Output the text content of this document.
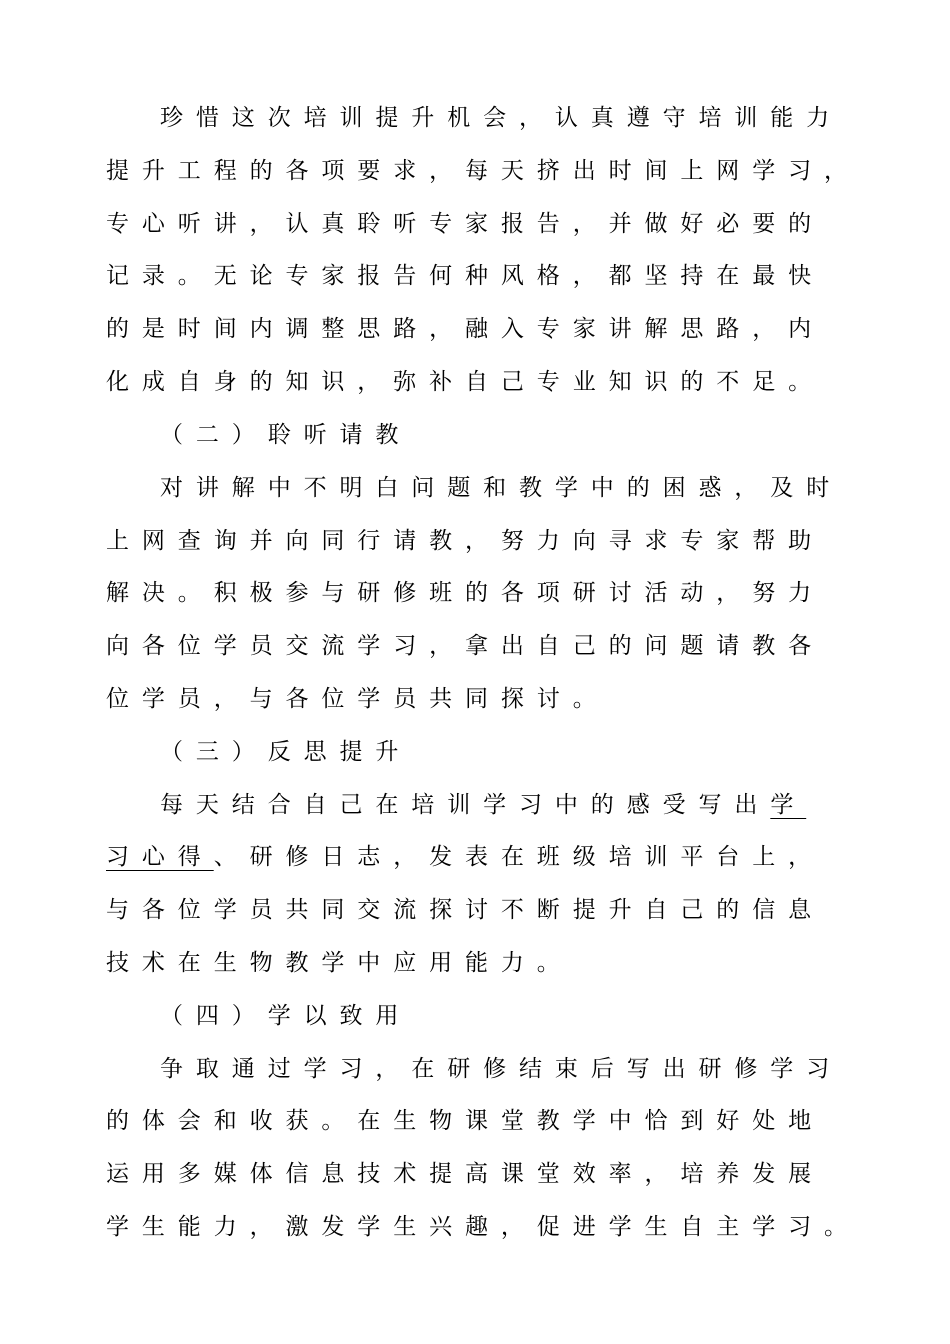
珍惜这次培训提升机会，认真遵守培训能力
提升工程的各项要求，每天挤出时间上网学习，
专心听讲，认真聆听专家报告，并做好必要的
记录。无论专家报告何种风格，都坚持在最快
的是时间内调整思路，融入专家讲解思路，内
化成自身的知识，弥补自己专业知识的不足。
（二）聆听请教
对讲解中不明白问题和教学中的困惑，及时
上网查询并向同行请教，努力向寻求专家帮助
解决。积极参与研修班的各项研讨活动，努力
向各位学员交流学习，拿出自己的问题请教各
位学员，与各位学员共同探讨。
（三）反思提升
每天结合自己在培训学习中的感受写出学
习心得、研修日志，发表在班级培训平台上，
与各位学员共同交流探讨不断提升自己的信息
技术在生物教学中应用能力。
（四）学以致用
争取通过学习，在研修结束后写出研修学习
的体会和收获。在生物课堂教学中恰到好处地
运用多媒体信息技术提高课堂效率，培养发展
学生能力，激发学生兴趣，促进学生自主学习。
